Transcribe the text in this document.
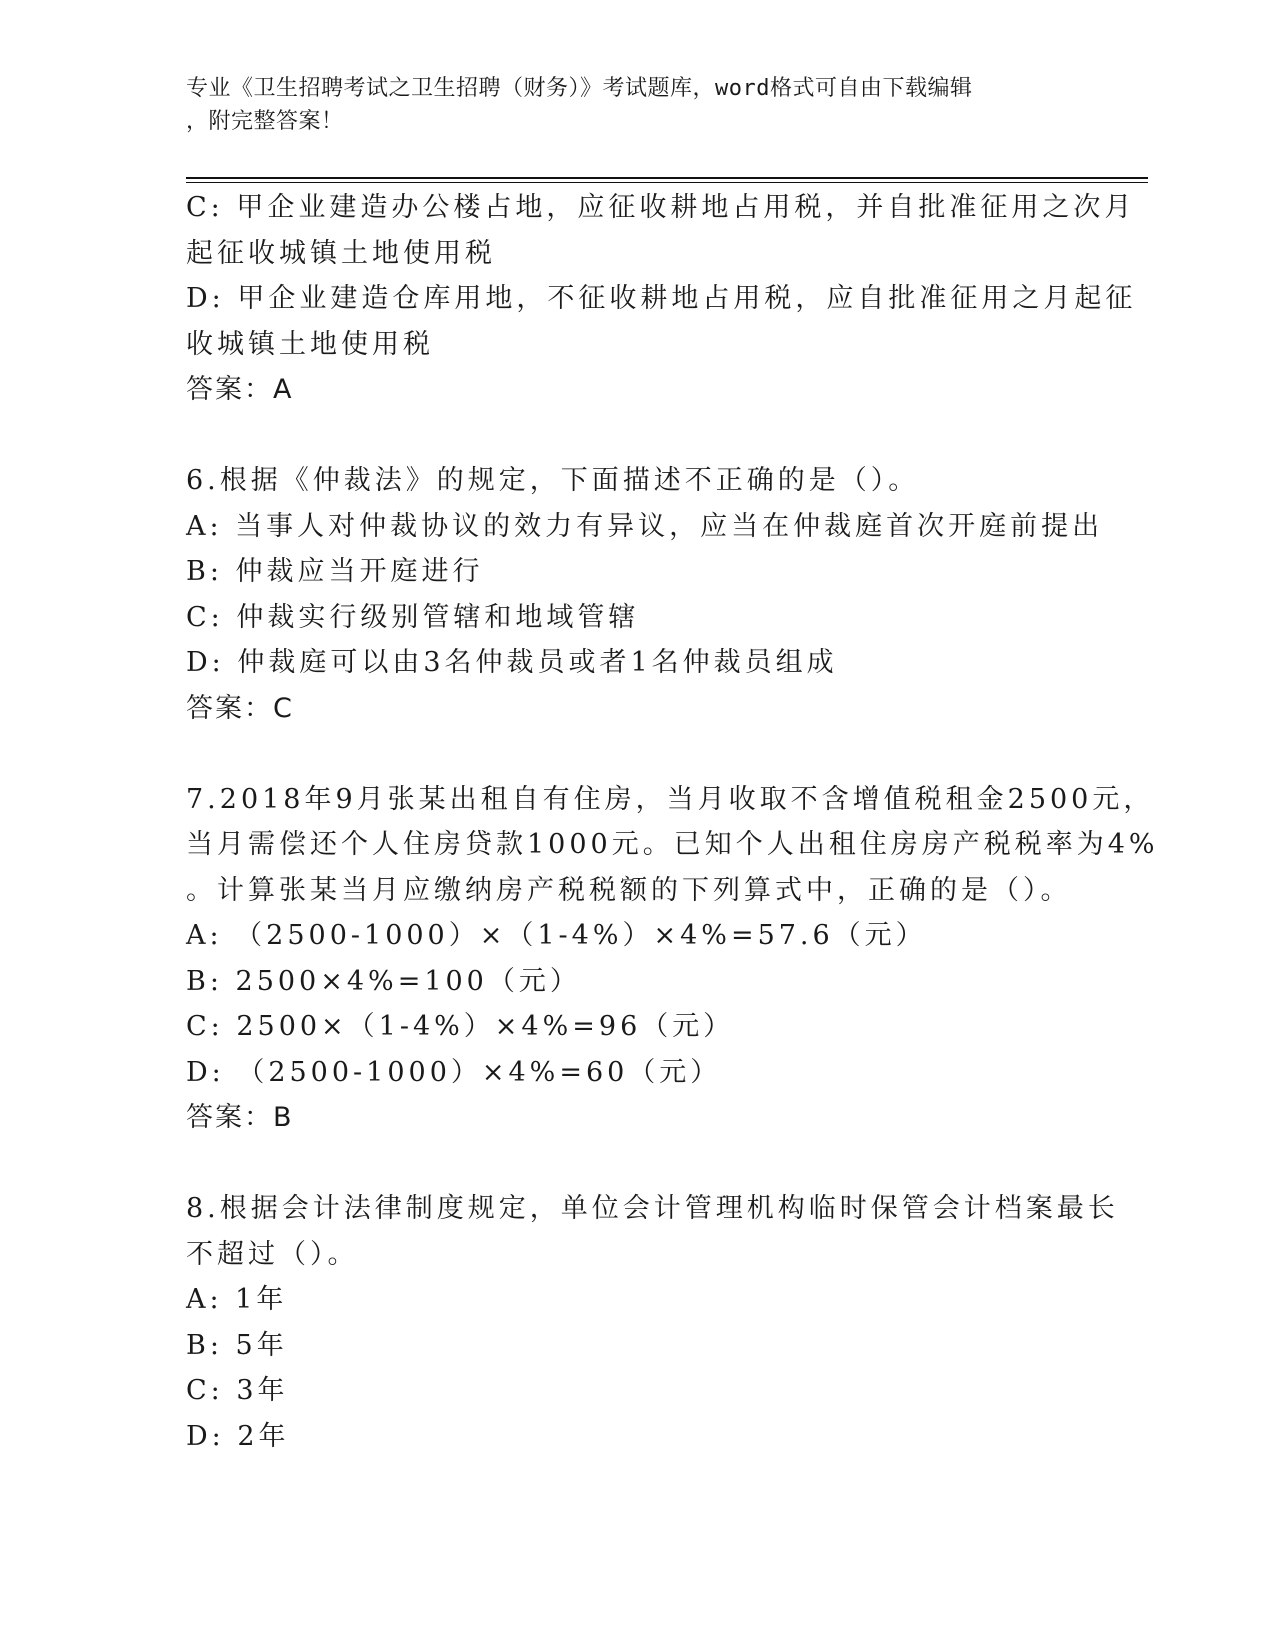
专业《卫生招聘考试之卫生招聘（财务）》考试题库，word格式可自由下载编辑
，附完整答案！
C: 甲企业建造办公楼占地，应征收耕地占用税，并自批准征用之次月
起征收城镇土地使用税
D: 甲企业建造仓库用地，不征收耕地占用税，应自批准征用之月起征
收城镇土地使用税
答案：A
6.根据《仲裁法》的规定，下面描述不正确的是（）。
A: 当事人对仲裁协议的效力有异议，应当在仲裁庭首次开庭前提出
B: 仲裁应当开庭进行
C: 仲裁实行级别管辖和地域管辖
D: 仲裁庭可以由3名仲裁员或者1名仲裁员组成
答案：C
7.2018年9月张某出租自有住房，当月收取不含增值税租金2500元，
当月需偿还个人住房贷款1000元。已知个人出租住房房产税税率为4%
。计算张某当月应缴纳房产税税额的下列算式中，正确的是（）。
A: （2500-1000）×（1-4%）×4%=57.6（元）
B: 2500×4%=100（元）
C: 2500×（1-4%）×4%=96（元）
D: （2500-1000）×4%=60（元）
答案：B
8.根据会计法律制度规定，单位会计管理机构临时保管会计档案最长
不超过（）。
A: 1年
B: 5年
C: 3年
D: 2年
